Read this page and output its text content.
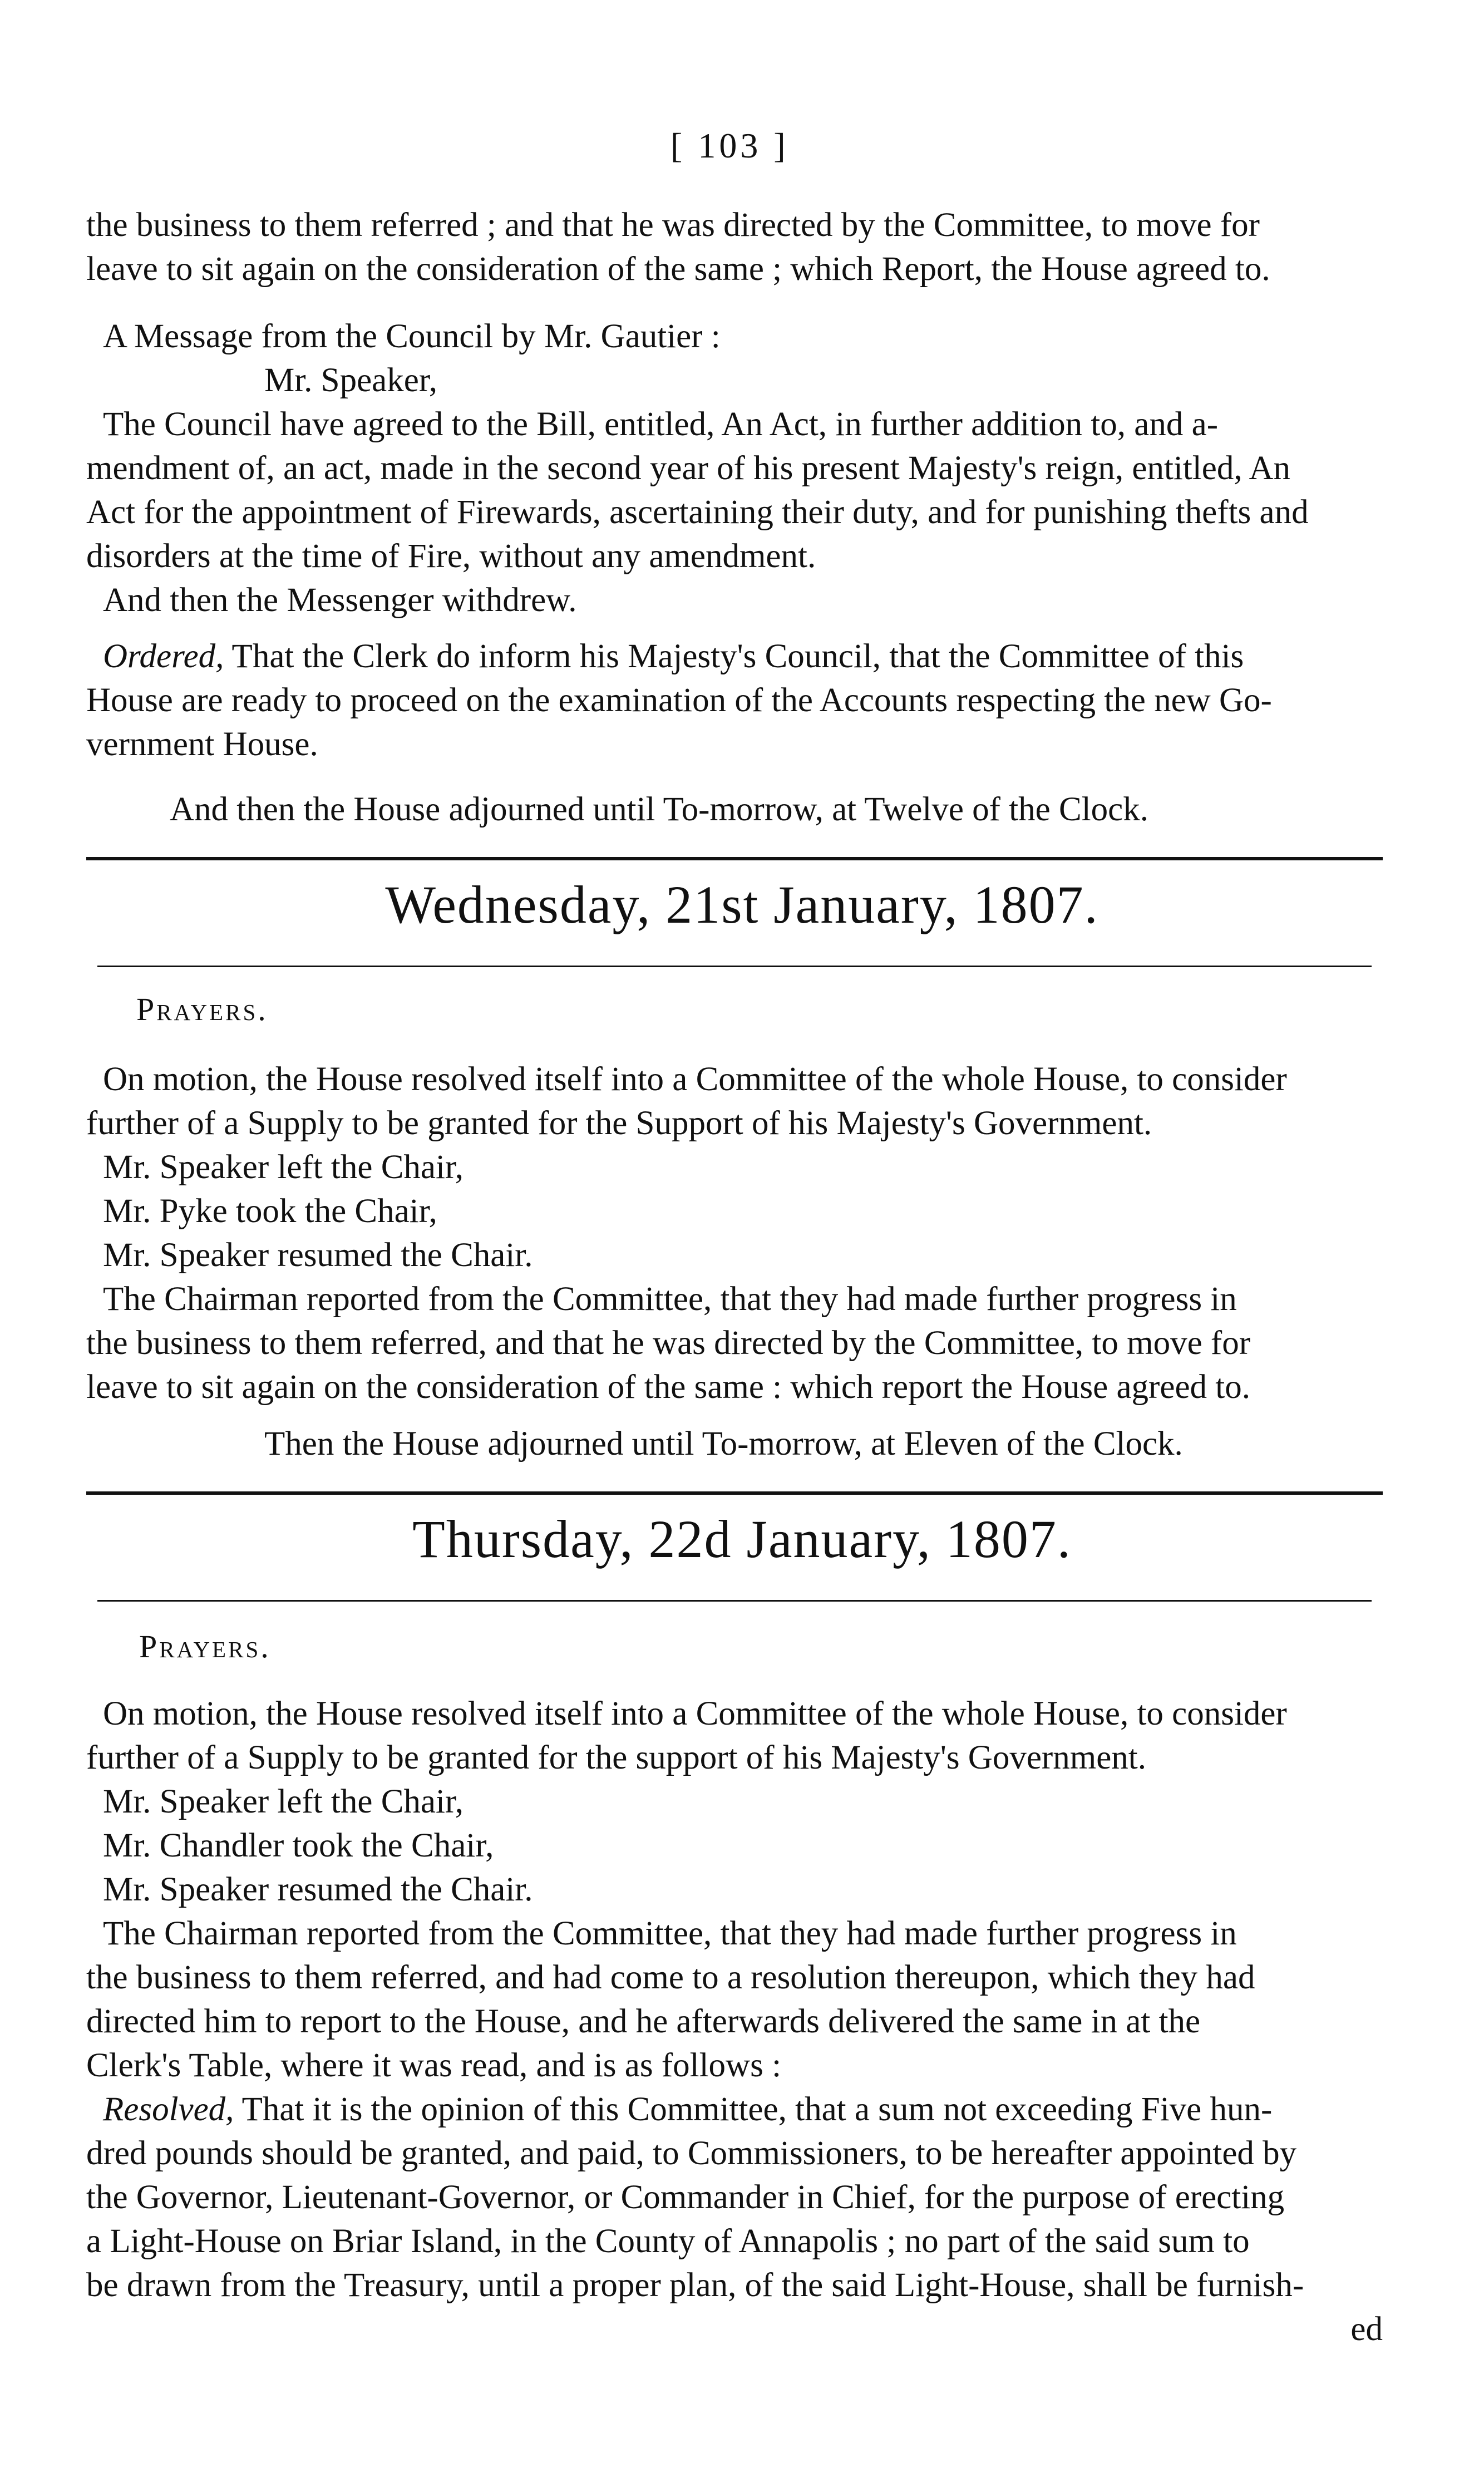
[ 103 ]
the business to them referred ; and that he was directed by the Committee, to move for
leave to sit again on the consideration of the same ; which Report, the House agreed to.
A Message from the Council by Mr. Gautier :
Mr. Speaker,
The Council have agreed to the Bill, entitled, An Act, in further addition to, and a-
mendment of, an act, made in the second year of his present Majesty's reign, entitled, An
Act for the appointment of Firewards, ascertaining their duty, and for punishing thefts and
disorders at the time of Fire, without any amendment.
And then the Messenger withdrew.
Ordered, That the Clerk do inform his Majesty's Council, that the Committee of this
House are ready to proceed on the examination of the Accounts respecting the new Go-
vernment House.
And then the House adjourned until To-morrow, at Twelve of the Clock.
Wednesday, 21st January, 1807.
Prayers.
On motion, the House resolved itself into a Committee of the whole House, to consider
further of a Supply to be granted for the Support of his Majesty's Government.
Mr. Speaker left the Chair,
Mr. Pyke took the Chair,
Mr. Speaker resumed the Chair.
The Chairman reported from the Committee, that they had made further progress in
the business to them referred, and that he was directed by the Committee, to move for
leave to sit again on the consideration of the same : which report the House agreed to.
Then the House adjourned until To-morrow, at Eleven of the Clock.
Thursday, 22d January, 1807.
Prayers.
On motion, the House resolved itself into a Committee of the whole House, to consider
further of a Supply to be granted for the support of his Majesty's Government.
Mr. Speaker left the Chair,
Mr. Chandler took the Chair,
Mr. Speaker resumed the Chair.
The Chairman reported from the Committee, that they had made further progress in
the business to them referred, and had come to a resolution thereupon, which they had
directed him to report to the House, and he afterwards delivered the same in at the
Clerk's Table, where it was read, and is as follows :
Resolved, That it is the opinion of this Committee, that a sum not exceeding Five hun-
dred pounds should be granted, and paid, to Commissioners, to be hereafter appointed by
the Governor, Lieutenant-Governor, or Commander in Chief, for the purpose of erecting
a Light-House on Briar Island, in the County of Annapolis ; no part of the said sum to
be drawn from the Treasury, until a proper plan, of the said Light-House, shall be furnish-
ed
